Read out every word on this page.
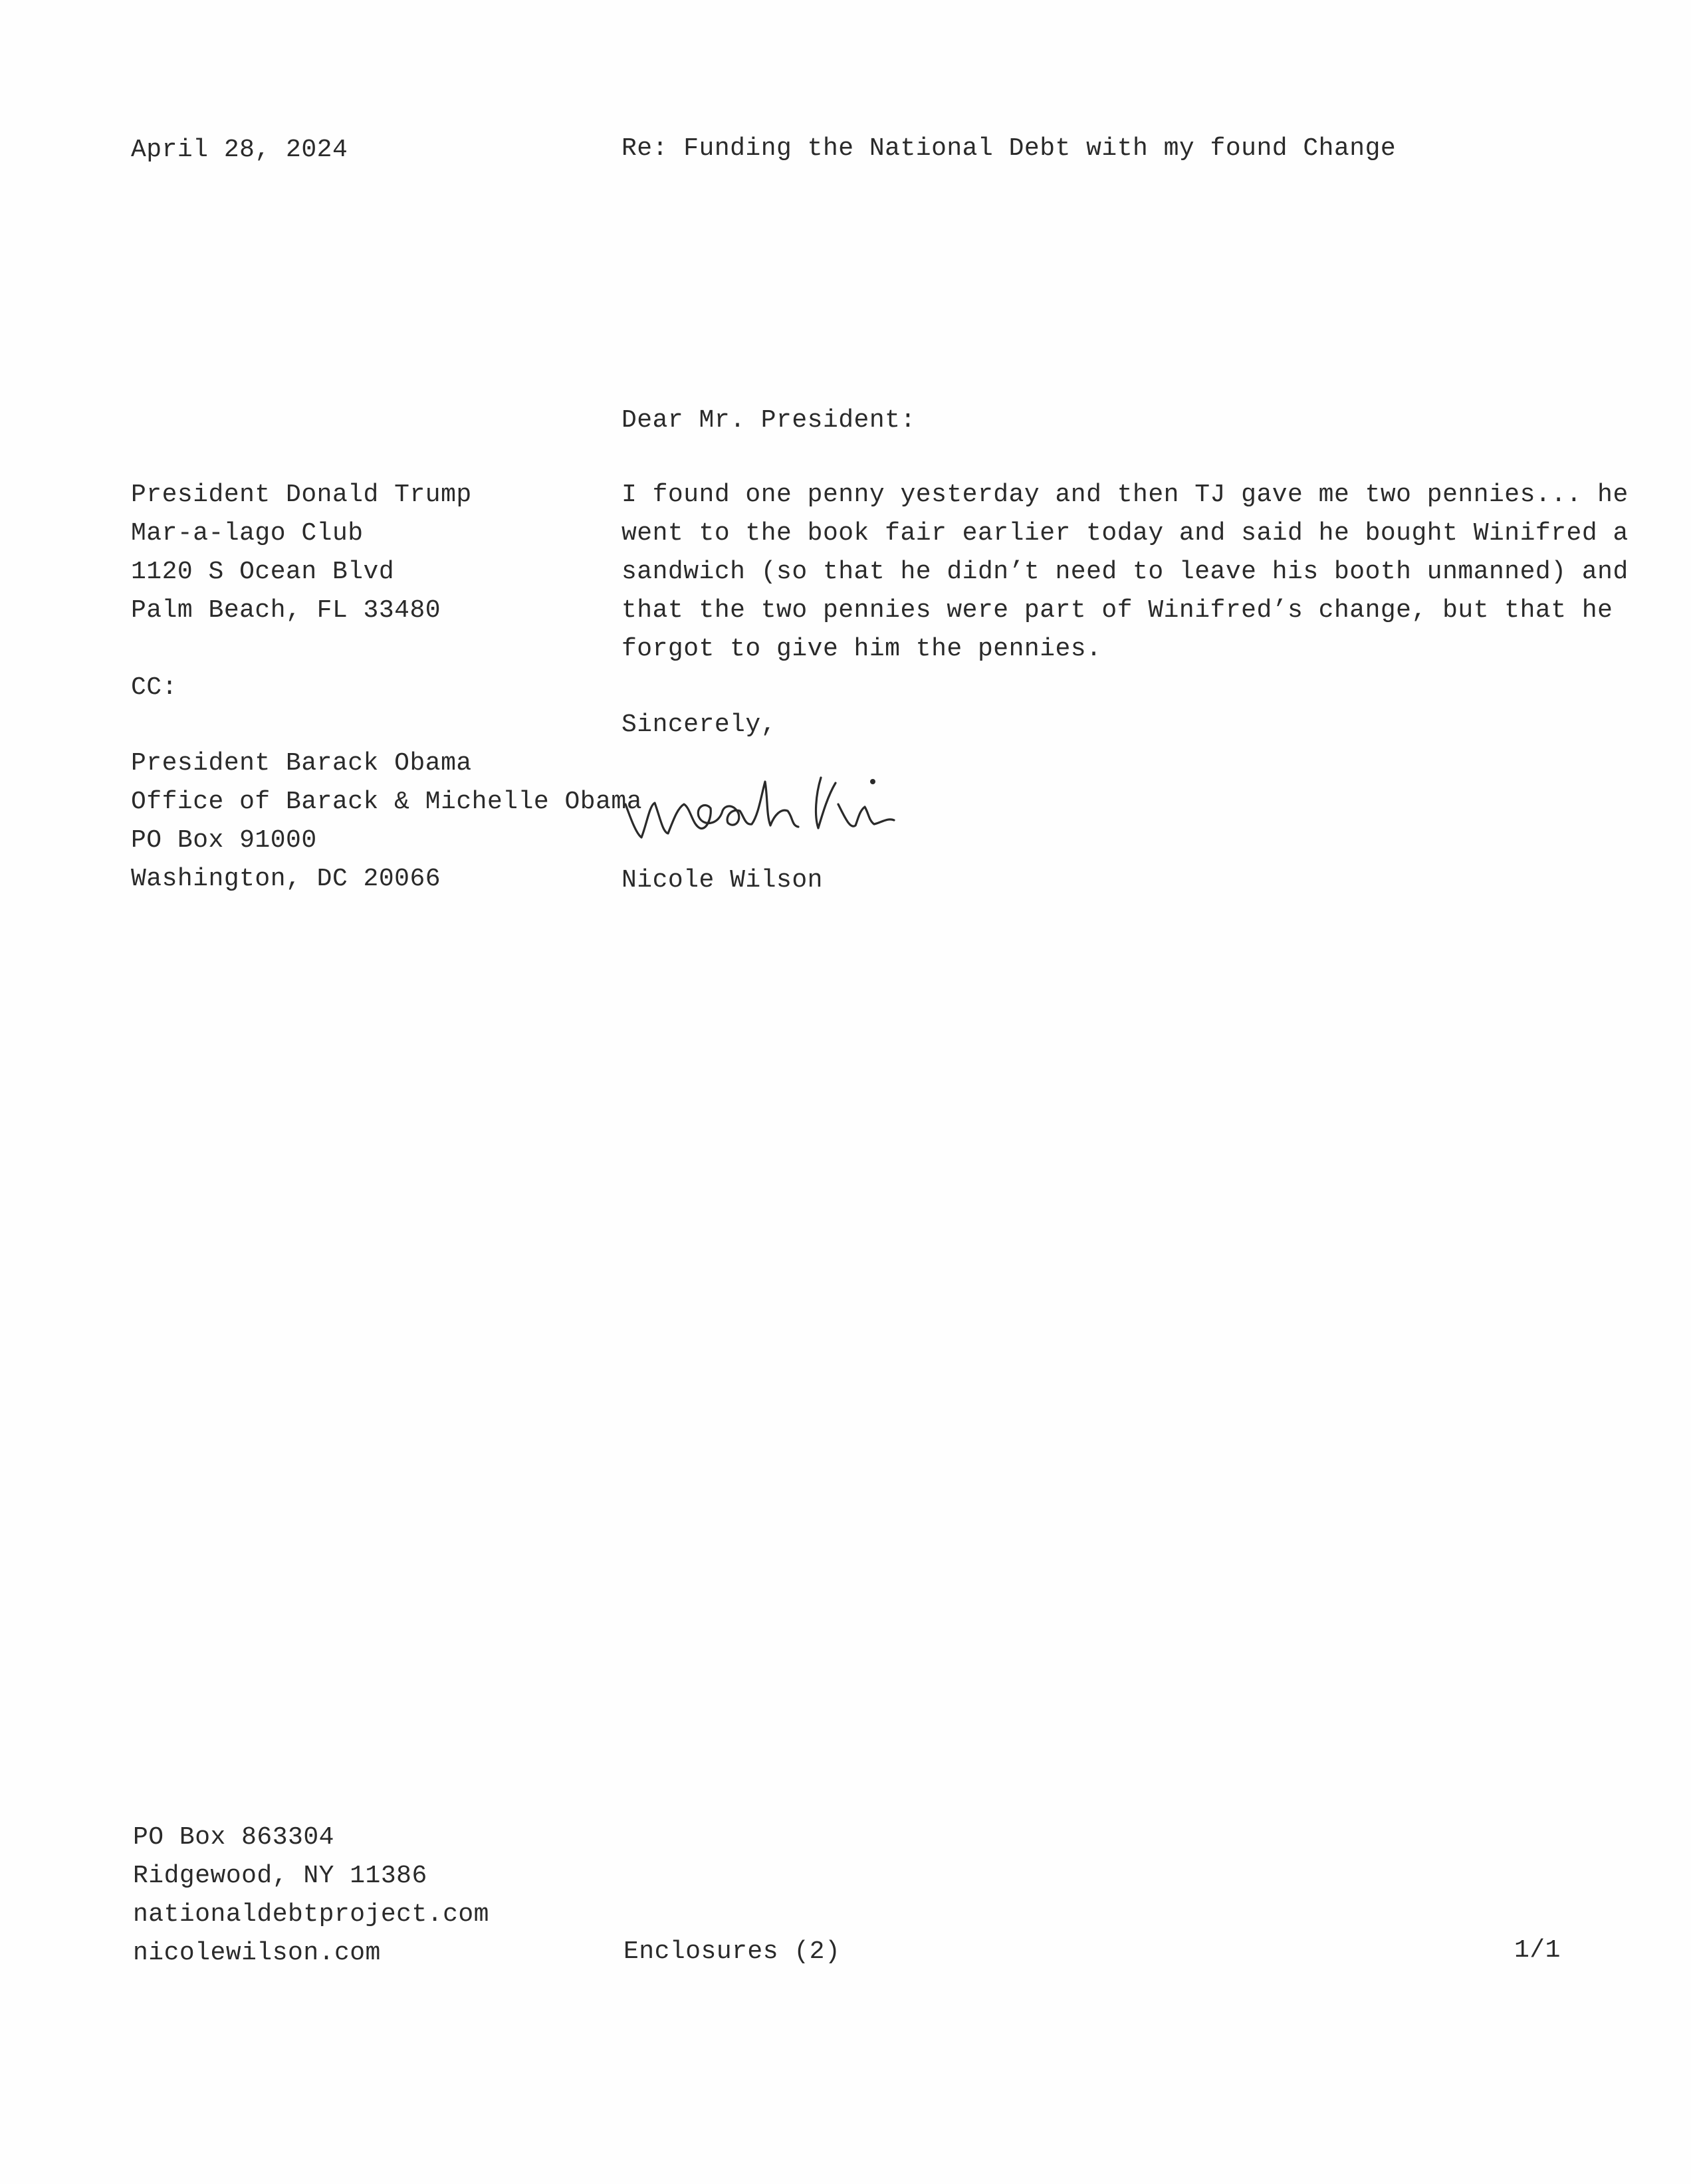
April 28, 2024	Re: Funding the National Debt with my found Change
Dear Mr. President:
President Donald Trump
Mar-a-lago Club
1120 S Ocean Blvd
Palm Beach, FL 33480
CC:
President Barack Obama
Office of Barack & Michelle Obama
PO Box 91000
Washington, DC 20066
I found one penny yesterday and then TJ gave me two pennies... he
went to the book fair earlier today and said he bought Winifred a
sandwich (so that he didn’t need to leave his booth unmanned) and
that the two pennies were part of Winifred’s change, but that he
forgot to give him the pennies.
Sincerely,
Nicole Wilson
PO Box 863304
Ridgewood, NY 11386
nationaldebtproject.com
nicolewilson.com	Enclosures (2)	1/1
